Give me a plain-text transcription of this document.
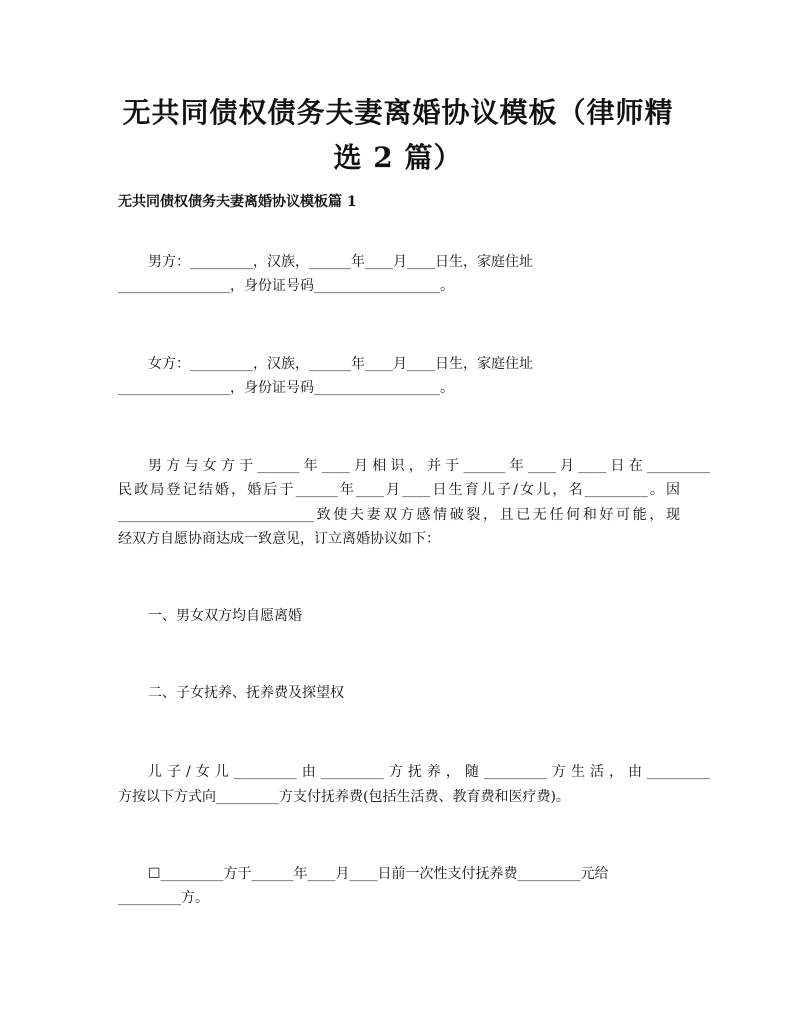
无共同债权债务夫妻离婚协议模板（律师精
选 2 篇）
无共同债权债务夫妻离婚协议模板篇 1
男方：_________，汉族，______年____月____日生，家庭住址
________________，身份证号码__________________。
女方：_________，汉族，______年____月____日生，家庭住址
________________，身份证号码__________________。
男方与女方于______年____月相识，并于______年____月____日在_________
民政局登记结婚，婚后于______年____月____日生育儿子/女儿，名_________。因
____________________________致使夫妻双方感情破裂，且已无任何和好可能，现
经双方自愿协商达成一致意见，订立离婚协议如下：
一、男女双方均自愿离婚
二、子女抚养、抚养费及探望权
儿子/女儿_________由_________方抚养，随_________方生活，由_________
方按以下方式向_________方支付抚养费(包括生活费、教育费和医疗费)。
☐_________方于______年____月____日前一次性支付抚养费_________元给
_________方。
